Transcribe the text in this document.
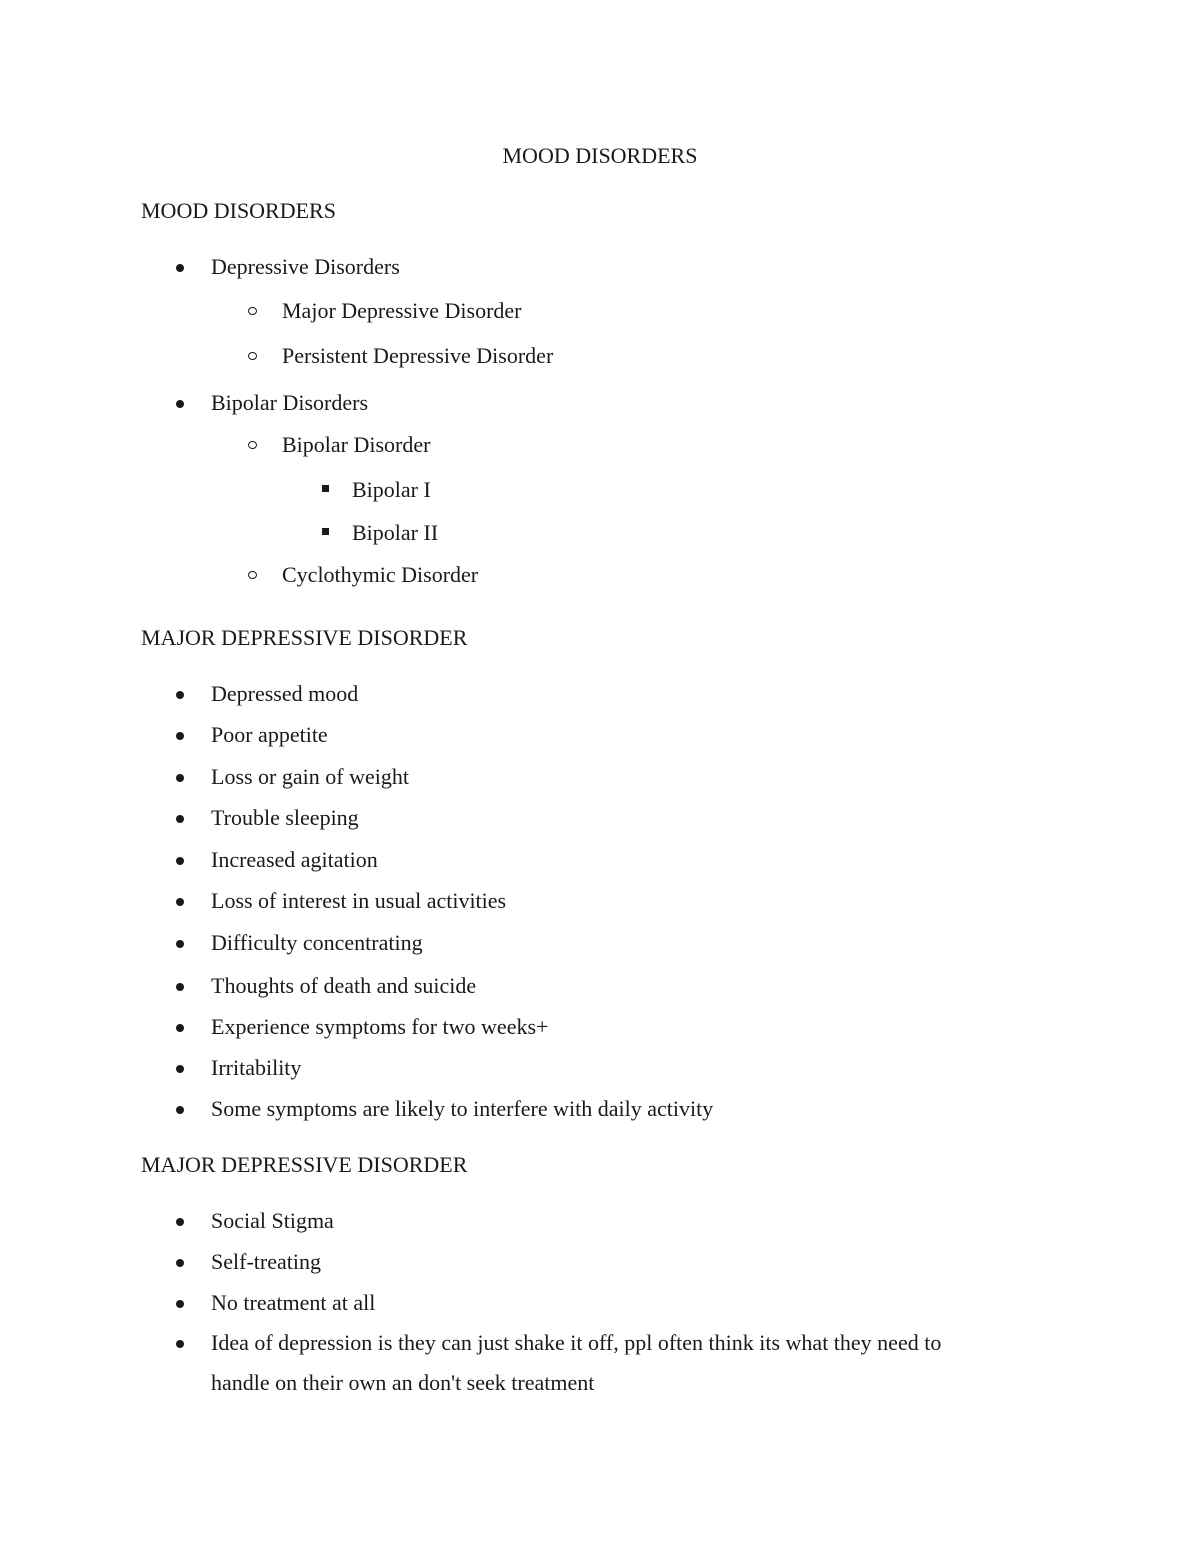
MOOD DISORDERS
MOOD DISORDERS
Depressive Disorders
Major Depressive Disorder
Persistent Depressive Disorder
Bipolar Disorders
Bipolar Disorder
Bipolar I
Bipolar II
Cyclothymic Disorder
MAJOR DEPRESSIVE DISORDER
Depressed mood
Poor appetite
Loss or gain of weight
Trouble sleeping
Increased agitation
Loss of interest in usual activities
Difficulty concentrating
Thoughts of death and suicide
Experience symptoms for two weeks+
Irritability
Some symptoms are likely to interfere with daily activity
MAJOR DEPRESSIVE DISORDER
Social Stigma
Self-treating
No treatment at all
Idea of depression is they can just shake it off, ppl often think its what they need to
handle on their own an don't seek treatment
